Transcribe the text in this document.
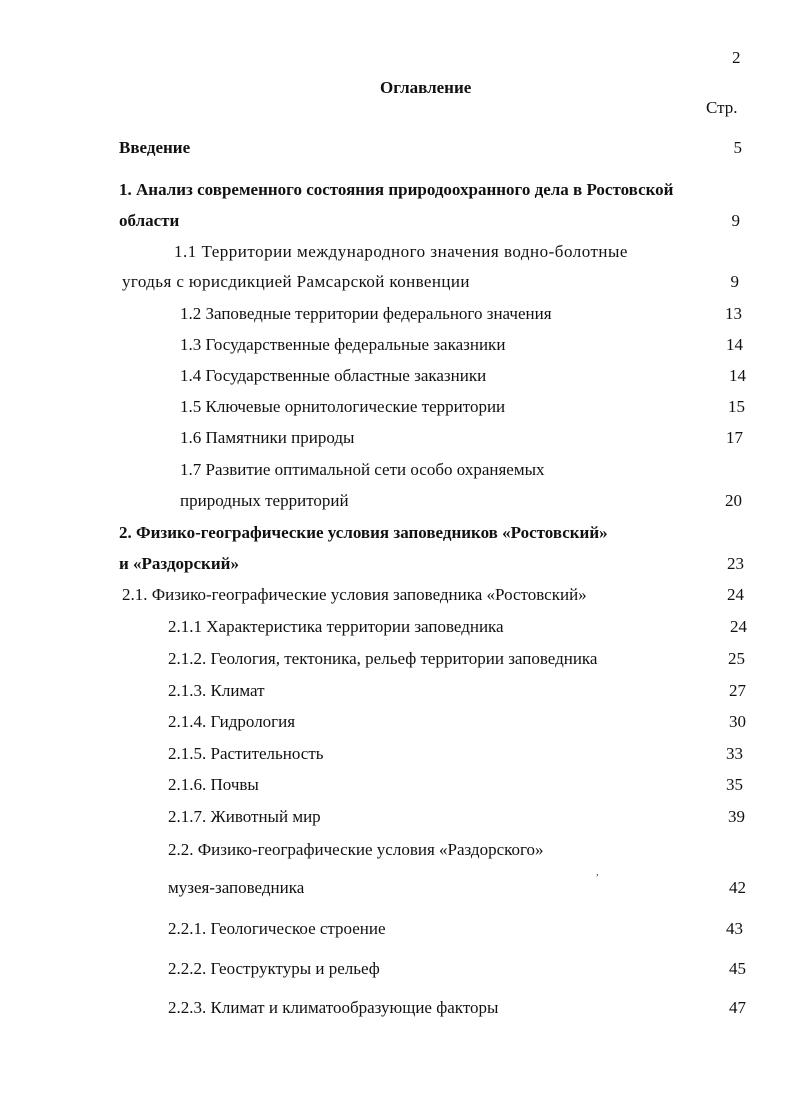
2
Оглавление
Стр.
Введение	5
1. Анализ современного состояния природоохранного дела в Ростовской
области	9
1.1 Территории международного значения водно-болотные
угодья с юрисдикцией Рамсарской конвенции	9
1.2 Заповедные территории федерального значения	13
1.3 Государственные федеральные заказники	14
1.4 Государственные областные заказники	14
1.5 Ключевые орнитологические территории	15
1.6 Памятники природы	17
1.7 Развитие оптимальной сети особо охраняемых
природных территорий	20
2. Физико-географические условия заповедников «Ростовский»
и «Раздорский»	23
2.1. Физико-географические условия заповедника «Ростовский»	24
2.1.1 Характеристика территории заповедника	24
2.1.2. Геология, тектоника, рельеф территории заповедника	25
2.1.3. Климат	27
2.1.4. Гидрология	30
2.1.5. Растительность	33
2.1.6. Почвы	35
2.1.7. Животный мир	39
2.2. Физико-географические условия «Раздорского»
,
музея-заповедника	42
2.2.1. Геологическое строение	43
2.2.2. Геоструктуры и рельеф	45
2.2.3. Климат и климатообразующие факторы	47
